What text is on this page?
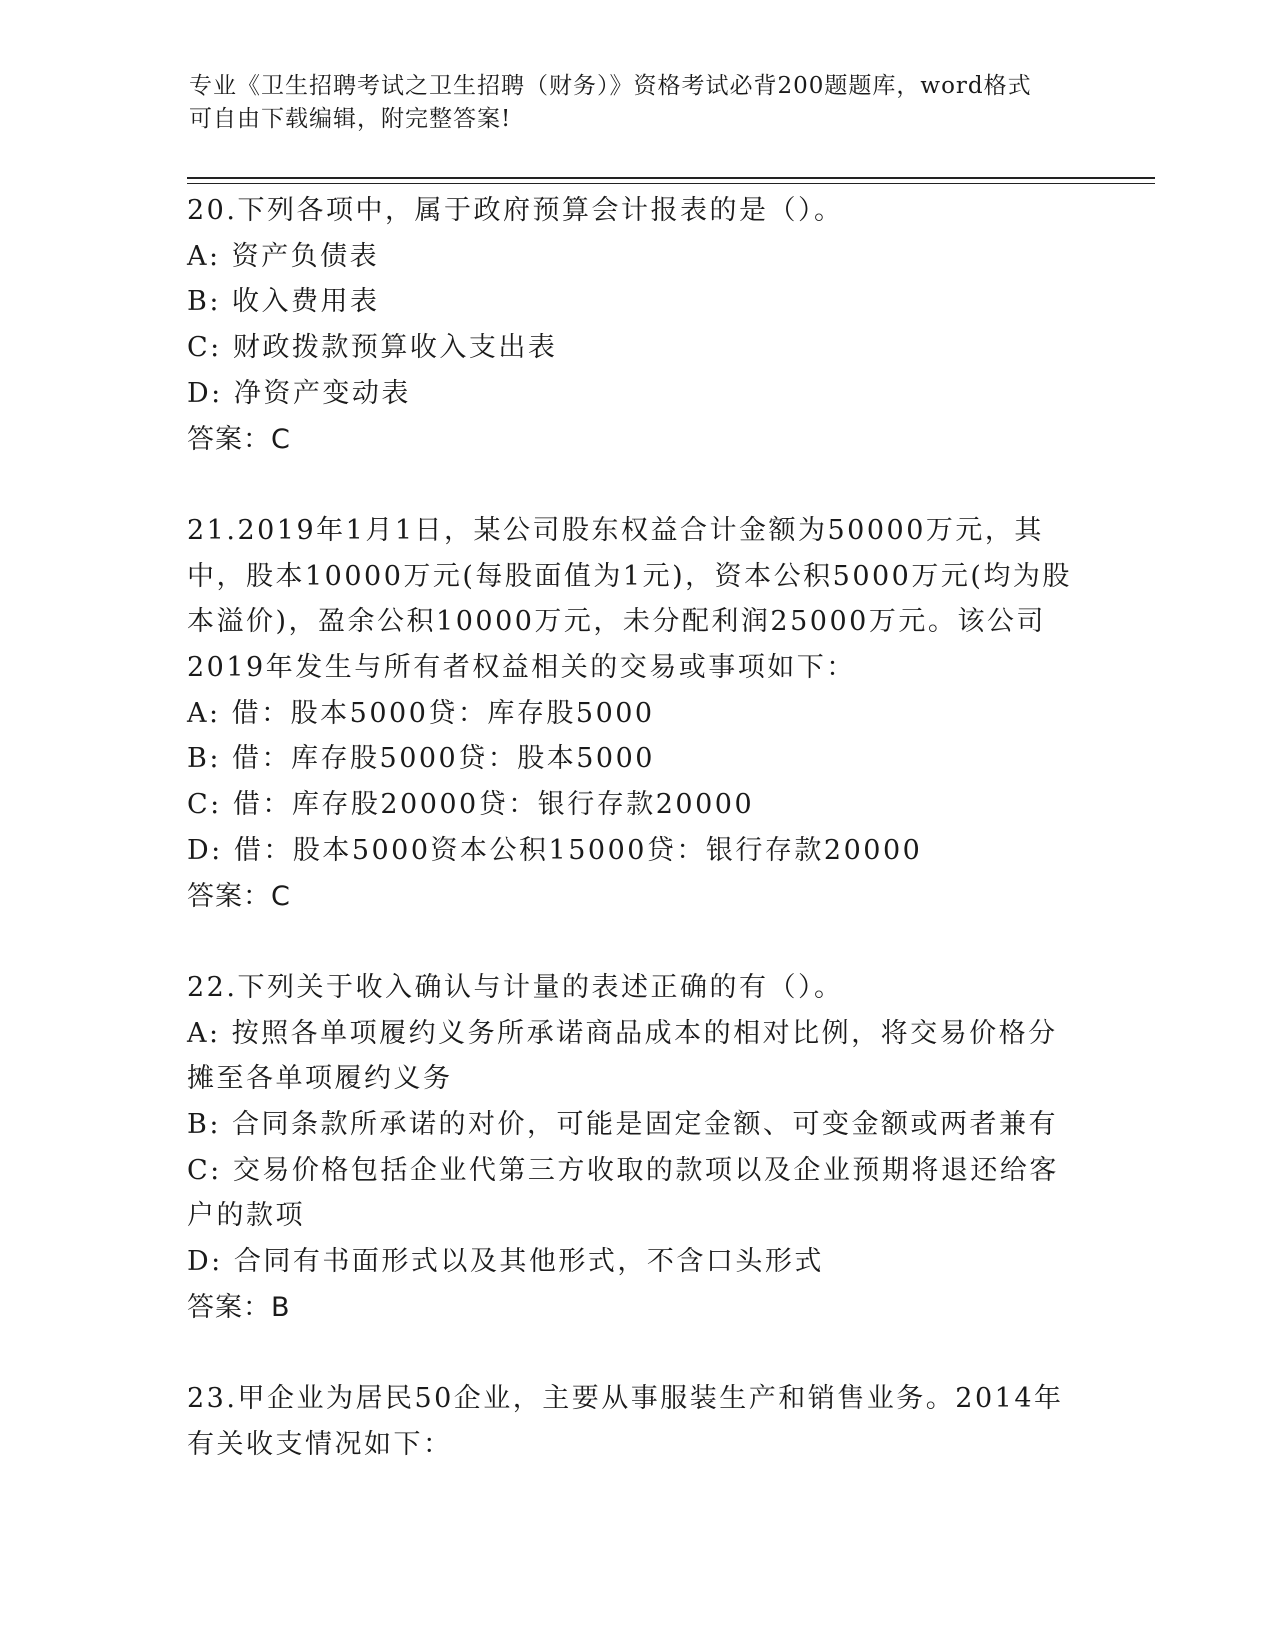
专业《卫生招聘考试之卫生招聘（财务）》资格考试必背200题题库，word格式
可自由下载编辑，附完整答案!

20.下列各项中，属于政府预算会计报表的是（）。

A: 资产负债表

B: 收入费用表

C: 财政拨款预算收入支出表

D: 净资产变动表

答案：C

21.2019年1月1日，某公司股东权益合计金额为50000万元，其中，股本10000万元(每股面值为1元)，资本公积5000万元(均为股本溢价)，盈余公积10000万元，未分配利润25000万元。该公司2019年发生与所有者权益相关的交易或事项如下：

A: 借：股本5000贷：库存股5000

B: 借：库存股5000贷：股本5000

C: 借：库存股20000贷：银行存款20000

D: 借：股本5000资本公积15000贷：银行存款20000

答案：C

22.下列关于收入确认与计量的表述正确的有（）。

A: 按照各单项履约义务所承诺商品成本的相对比例，将交易价格分摊至各单项履约义务

B: 合同条款所承诺的对价，可能是固定金额、可变金额或两者兼有

C: 交易价格包括企业代第三方收取的款项以及企业预期将退还给客户的款项

D: 合同有书面形式以及其他形式，不含口头形式

答案：B

23.甲企业为居民50企业，主要从事服装生产和销售业务。2014年有关收支情况如下：
